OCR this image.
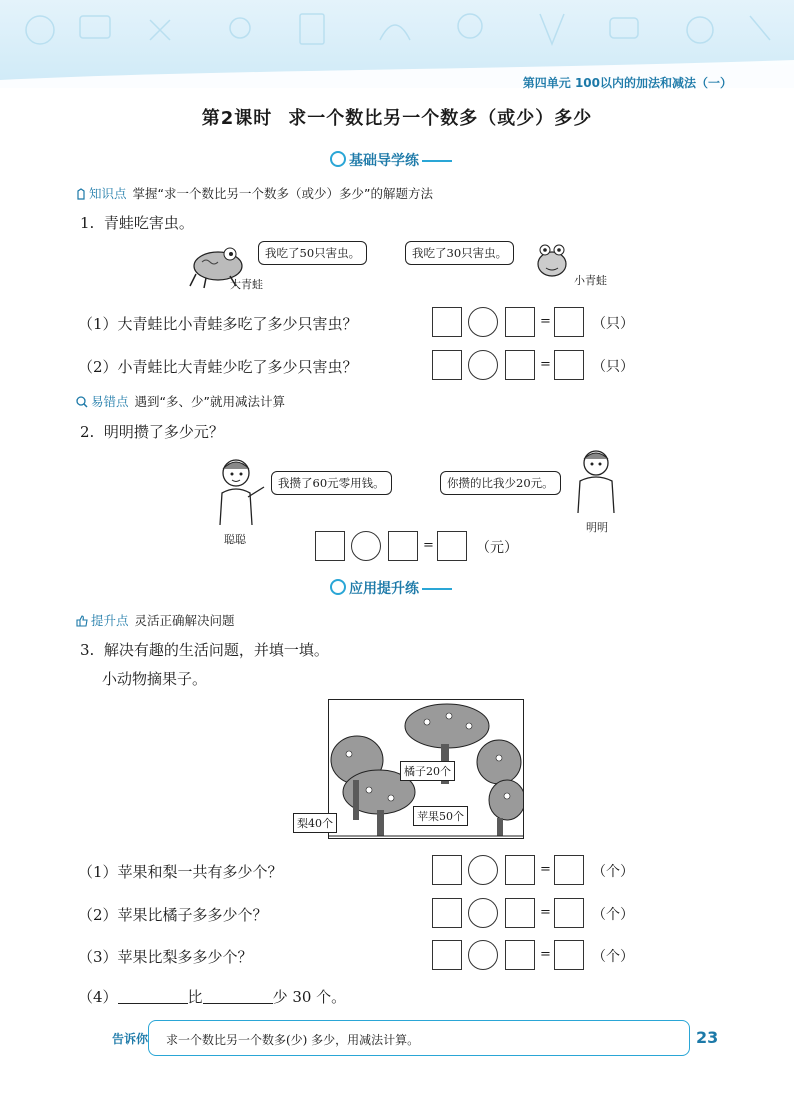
第四单元 100以内的加法和减法（一）
第2课时 求一个数比另一个数多（或少）多少
基础导学练
知识点 掌握“求一个数比另一个数多（或少）多少”的解题方法
1. 青蛙吃害虫。
大青蛙
我吃了50只害虫。	我吃了30只害虫。
小青蛙
（1）大青蛙比小青蛙多吃了多少只害虫？	=	（只）
（2）小青蛙比大青蛙少吃了多少只害虫？	=	（只）
易错点 遇到“多、少”就用减法计算
2. 明明攒了多少元？
聪聪
我攒了60元零用钱。	你攒的比我少20元。
明明
=	（元）
应用提升练
提升点 灵活正确解决问题
3. 解决有趣的生活问题，并填一填。
小动物摘果子。
橘子20个
苹果50个
梨40个
（1）苹果和梨一共有多少个？	=	（个）
（2）苹果比橘子多多少个？	=	（个）
（3）苹果比梨多多少个？	=	（个）
（4）	比	少 30 个。
告诉你 求一个数比另一个数多(少) 多少，用减法计算。	23
